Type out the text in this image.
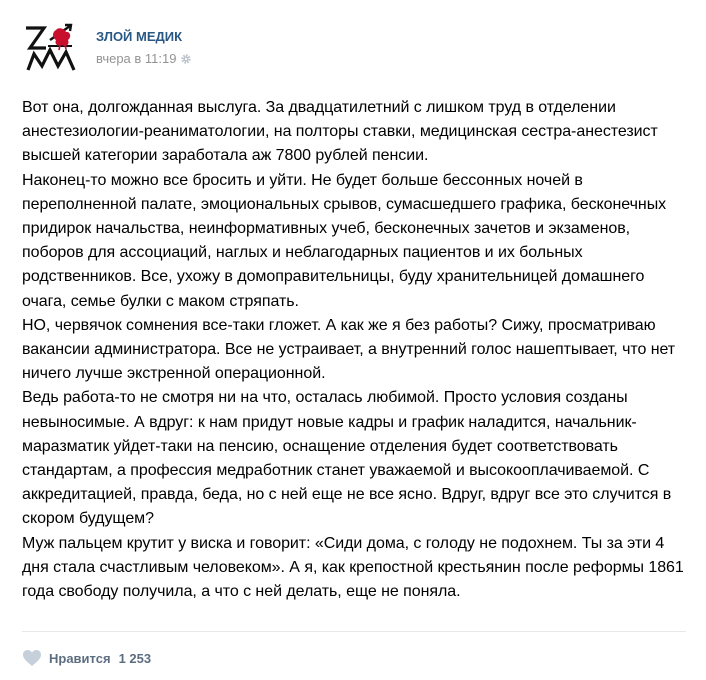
ЗЛОЙ МЕДИК
вчера в 11:19

Вот она, долгожданная выслуга. За двадцатилетний с лишком труд в отделении анестезиологии-реаниматологии, на полторы ставки, медицинская сестра-анестезист высшей категории заработала аж 7800 рублей пенсии.

Наконец-то можно все бросить и уйти. Не будет больше бессонных ночей в переполненной палате, эмоциональных срывов, сумасшедшего графика, бесконечных придирок начальства, неинформативных учеб, бесконечных зачетов и экзаменов, поборов для ассоциаций, наглых и неблагодарных пациентов и их больных родственников. Все, ухожу в домоправительницы, буду хранительницей домашнего очага, семье булки с маком стряпать.

НО, червячок сомнения все-таки гложет. А как же я без работы? Сижу, просматриваю вакансии администратора. Все не устраивает, а внутренний голос нашептывает, что нет ничего лучше экстренной операционной.

Ведь работа-то не смотря ни на что, осталась любимой. Просто условия созданы невыносимые. А вдруг: к нам придут новые кадры и график наладится, начальник-маразматик уйдет-таки на пенсию, оснащение отделения будет соответствовать стандартам, а профессия медработник станет уважаемой и высокооплачиваемой. С аккредитацией, правда, беда, но с ней еще не все ясно. Вдруг, вдруг все это случится в скором будущем?

Муж пальцем крутит у виска и говорит: «Сиди дома, с голоду не подохнем. Ты за эти 4 дня стала счастливым человеком». А я, как крепостной крестьянин после реформы 1861 года свободу получила, а что с ней делать, еще не поняла.

Нравится 1 253
